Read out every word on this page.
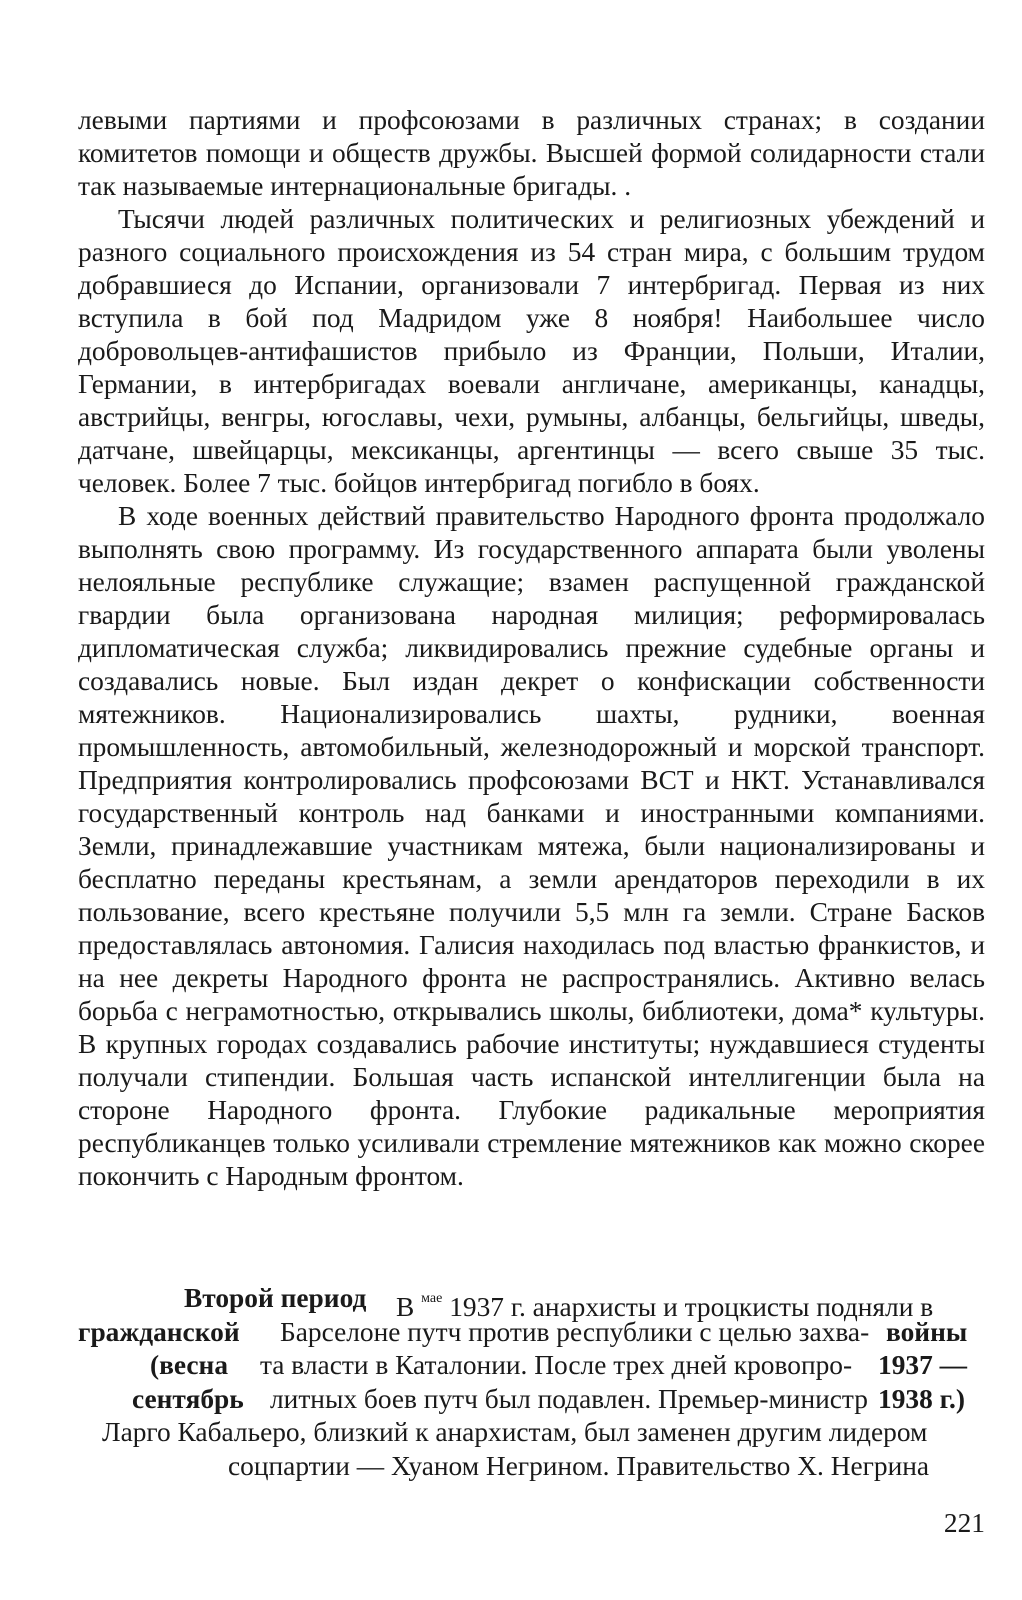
левыми партиями и профсоюзами в различных странах; в создании комитетов помощи и обществ дружбы. Высшей формой солидарности стали так называемые интернациональные бригады. .

Тысячи людей различных политических и религиозных убеждений и разного социального происхождения из 54 стран мира, с большим трудом добравшиеся до Испании, организовали 7 интербригад. Первая из них вступила в бой под Мадридом уже 8 ноября! Наибольшее число добровольцев-антифашистов прибыло из Франции, Польши, Италии, Германии, в интербригадах воевали англичане, американцы, канадцы, австрийцы, венгры, югославы, чехи, румыны, албанцы, бельгийцы, шведы, датчане, швейцарцы, мексиканцы, аргентинцы — всего свыше 35 тыс. человек. Более 7 тыс. бойцов интербригад погибло в боях.

В ходе военных действий правительство Народного фронта продолжало выполнять свою программу. Из государственного аппарата были уволены нелояльные республике служащие; взамен распущенной гражданской гвардии была организована народная милиция; реформировалась дипломатическая служба; ликвидировались прежние судебные органы и создавались новые. Был издан декрет о конфискации собственности мятежников. Национализировались шахты, рудники, военная промышленность, автомобильный, железнодорожный и морской транспорт. Предприятия контролировались профсоюзами ВСТ и НКТ. Устанавливался государственный контроль над банками и иностранными компаниями. Земли, принадлежавшие участникам мятежа, были национализированы и бесплатно переданы крестьянам, а земли арендаторов переходили в их пользование, всего крестьяне получили 5,5 млн га земли. Стране Басков предоставлялась автономия. Галисия находилась под властью франкистов, и на нее декреты Народного фронта не распространялись. Активно велась борьба с неграмотностью, открывались школы, библиотеки, дома* культуры. В крупных городах создавались рабочие институты; нуждавшиеся студенты получали стипендии. Большая часть испанской интеллигенции была на стороне Народного фронта. Глубокие радикальные мероприятия республиканцев только усиливали стремление мятежников как можно скорее покончить с Народным фронтом.

Второй период В $^{мае}$ 1937 г. анархисты и троцкисты подняли в
гражданской Барселоне путч против республики с целью захва- войны
(весна та власти в Каталонии. После трех дней кровопро- 1937 —
сентябрь литных боев путч был подавлен. Премьер-министр 1938 г.)
Ларго Кабальеро, близкий к анархистам, был заменен другим лидером
соцпартии — Хуаном Негрином. Правительство X. Негрина
221
